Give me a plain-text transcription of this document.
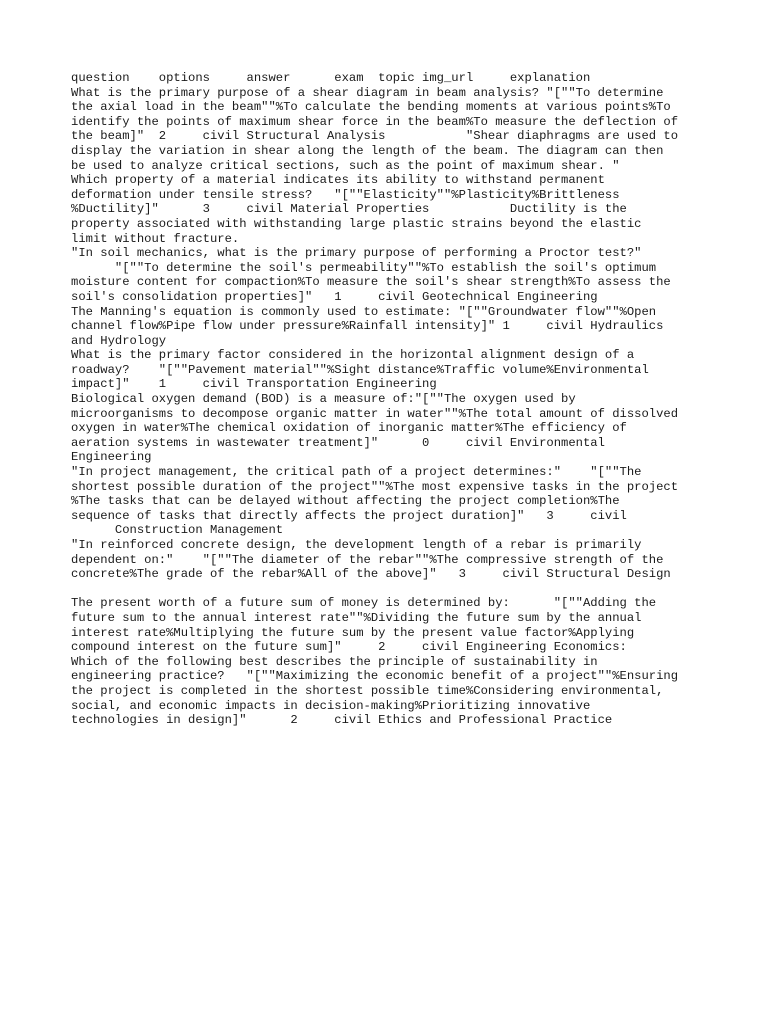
question    options     answer      exam  topic img_url     explanation
What is the primary purpose of a shear diagram in beam analysis? "[""To determine
the axial load in the beam""%To calculate the bending moments at various points%To
identify the points of maximum shear force in the beam%To measure the deflection of
the beam]"  2     civil Structural Analysis           "Shear diaphragms are used to
display the variation in shear along the length of the beam. The diagram can then
be used to analyze critical sections, such as the point of maximum shear. "
Which property of a material indicates its ability to withstand permanent
deformation under tensile stress?   "[""Elasticity""%Plasticity%Brittleness
%Ductility]"      3     civil Material Properties           Ductility is the
property associated with withstanding large plastic strains beyond the elastic
limit without fracture.
"In soil mechanics, what is the primary purpose of performing a Proctor test?"
"[""To determine the soil's permeability""%To establish the soil's optimum
moisture content for compaction%To measure the soil's shear strength%To assess the
soil's consolidation properties]"   1     civil Geotechnical Engineering
The Manning's equation is commonly used to estimate: "[""Groundwater flow""%Open
channel flow%Pipe flow under pressure%Rainfall intensity]" 1     civil Hydraulics
and Hydrology
What is the primary factor considered in the horizontal alignment design of a
roadway?    "[""Pavement material""%Sight distance%Traffic volume%Environmental
impact]"    1     civil Transportation Engineering
Biological oxygen demand (BOD) is a measure of:"[""The oxygen used by
microorganisms to decompose organic matter in water""%The total amount of dissolved
oxygen in water%The chemical oxidation of inorganic matter%The efficiency of
aeration systems in wastewater treatment]"      0     civil Environmental
Engineering
"In project management, the critical path of a project determines:"    "[""The
shortest possible duration of the project""%The most expensive tasks in the project
%The tasks that can be delayed without affecting the project completion%The
sequence of tasks that directly affects the project duration]"   3     civil
Construction Management
"In reinforced concrete design, the development length of a rebar is primarily
dependent on:"    "[""The diameter of the rebar""%The compressive strength of the
concrete%The grade of the rebar%All of the above]"   3     civil Structural Design

The present worth of a future sum of money is determined by:      "[""Adding the
future sum to the annual interest rate""%Dividing the future sum by the annual
interest rate%Multiplying the future sum by the present value factor%Applying
compound interest on the future sum]"     2     civil Engineering Economics:
Which of the following best describes the principle of sustainability in
engineering practice?   "[""Maximizing the economic benefit of a project""%Ensuring
the project is completed in the shortest possible time%Considering environmental,
social, and economic impacts in decision-making%Prioritizing innovative
technologies in design]"      2     civil Ethics and Professional Practice
